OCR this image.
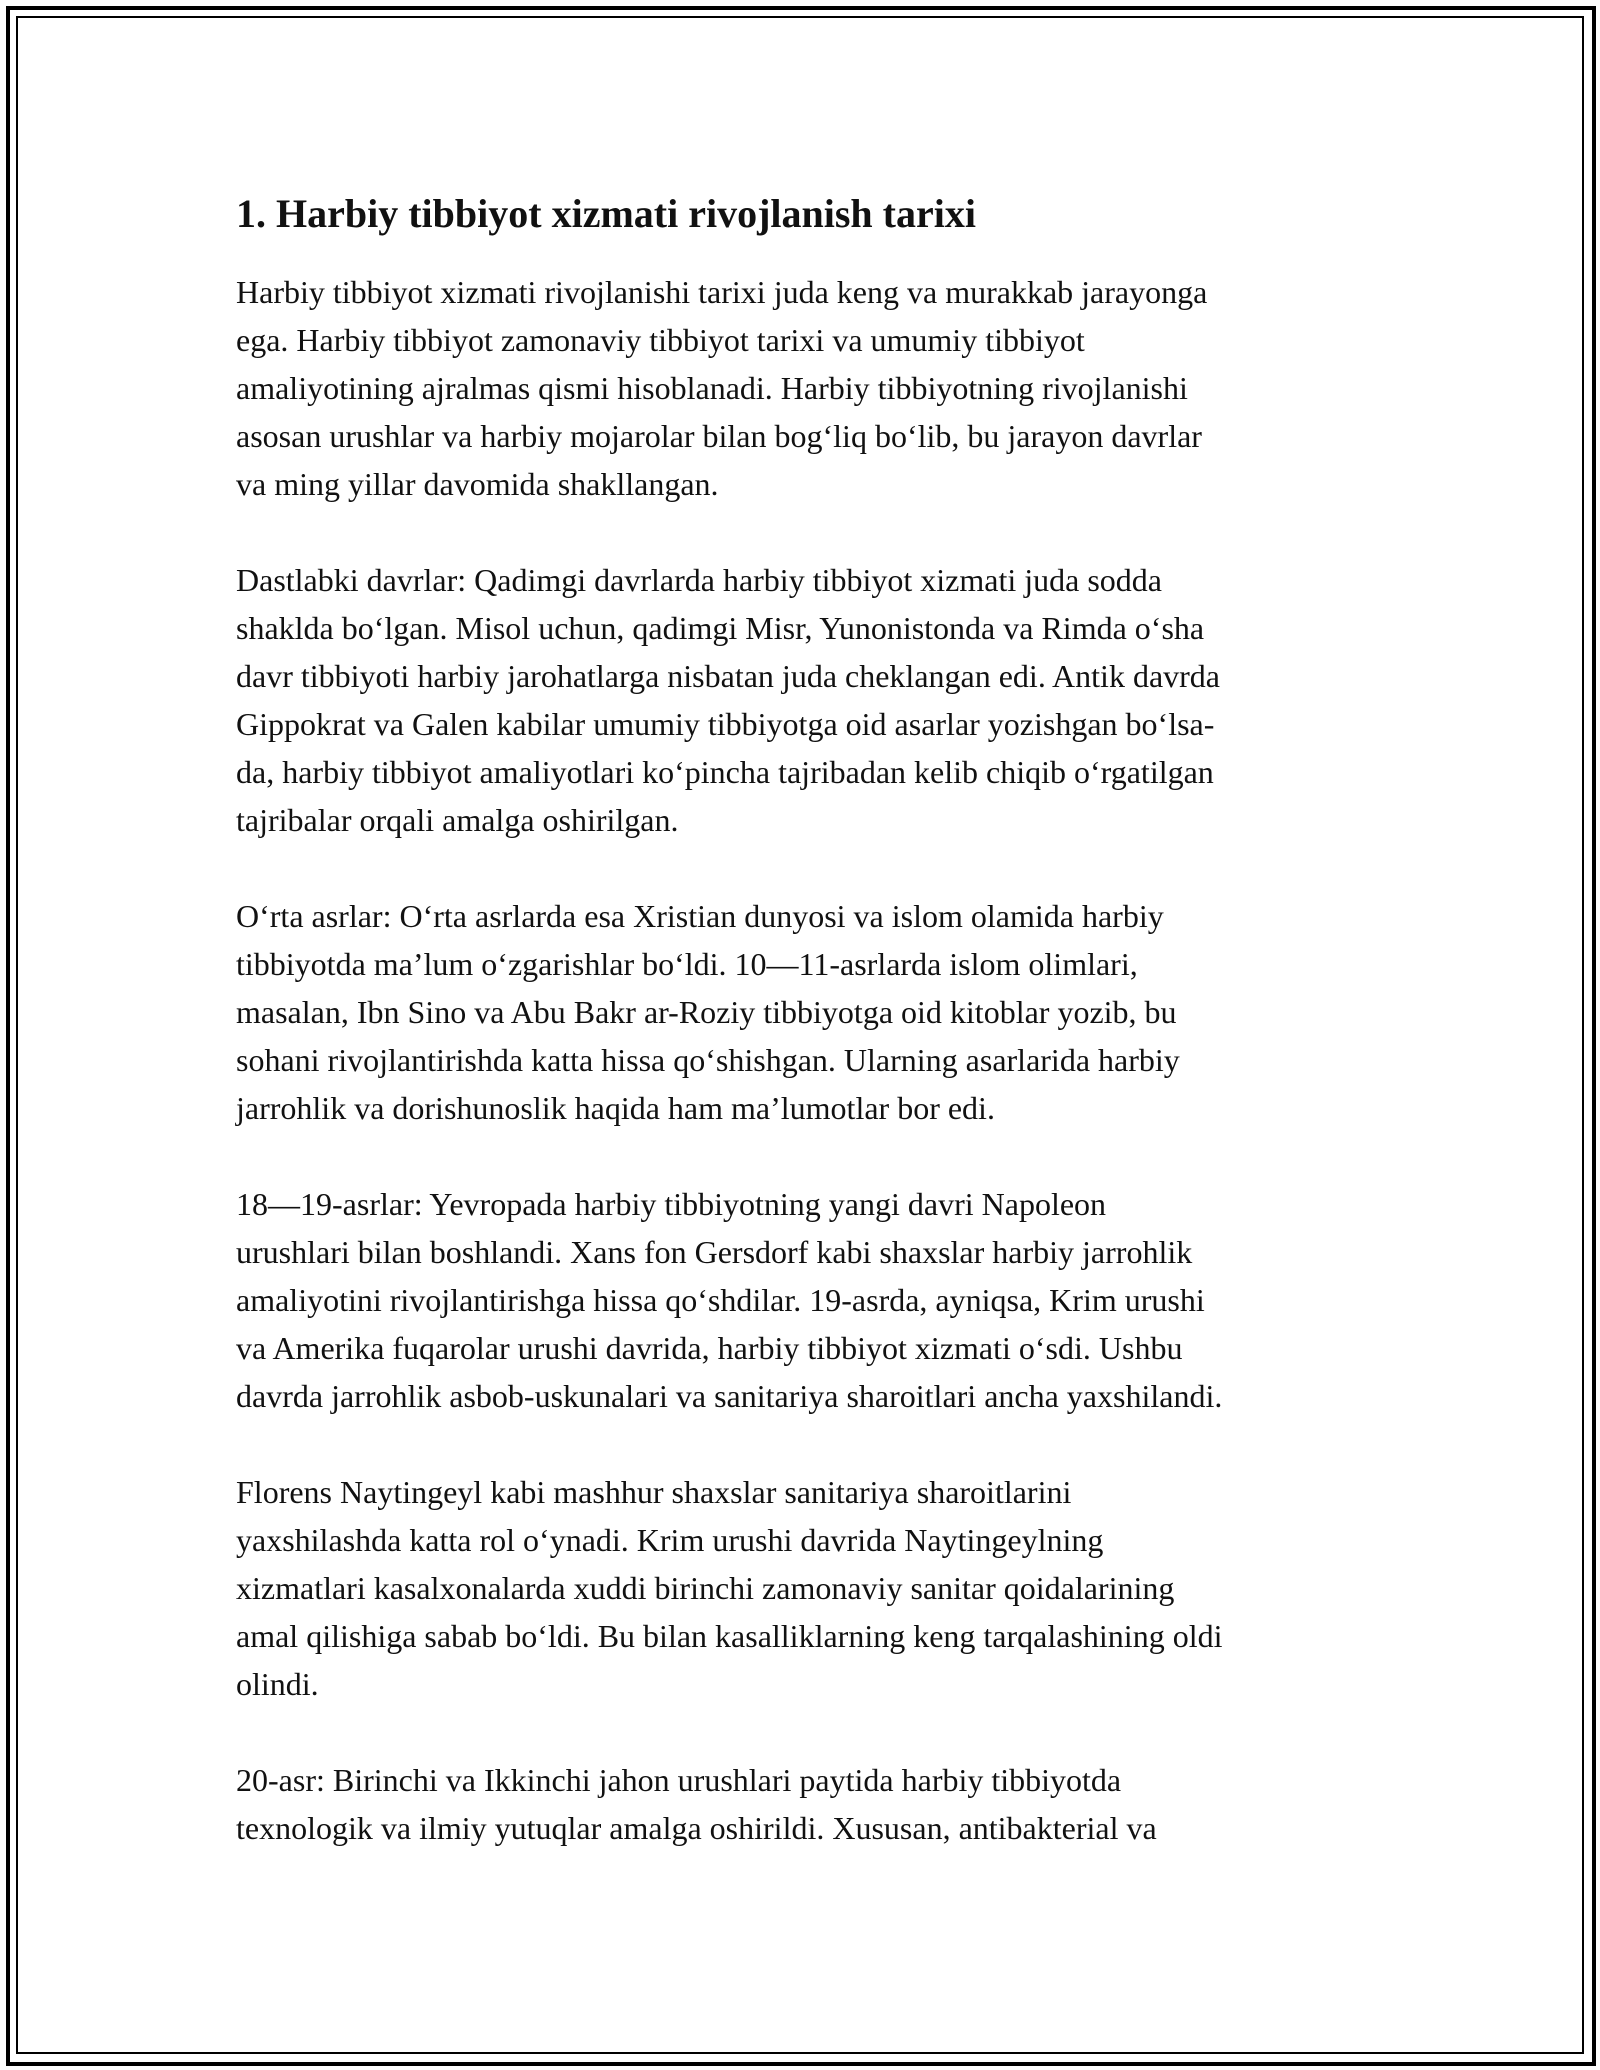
1. Harbiy tibbiyot xizmati rivojlanish tarixi
Harbiy tibbiyot xizmati rivojlanishi tarixi juda keng va murakkab jarayonga
ega. Harbiy tibbiyot zamonaviy tibbiyot tarixi va umumiy tibbiyot
amaliyotining ajralmas qismi hisoblanadi. Harbiy tibbiyotning rivojlanishi
asosan urushlar va harbiy mojarolar bilan bog‘liq bo‘lib, bu jarayon davrlar
va ming yillar davomida shakllangan.
Dastlabki davrlar: Qadimgi davrlarda harbiy tibbiyot xizmati juda sodda
shaklda bo‘lgan. Misol uchun, qadimgi Misr, Yunonistonda va Rimda o‘sha
davr tibbiyoti harbiy jarohatlarga nisbatan juda cheklangan edi. Antik davrda
Gippokrat va Galen kabilar umumiy tibbiyotga oid asarlar yozishgan bo‘lsa-
da, harbiy tibbiyot amaliyotlari ko‘pincha tajribadan kelib chiqib o‘rgatilgan
tajribalar orqali amalga oshirilgan.
O‘rta asrlar: O‘rta asrlarda esa Xristian dunyosi va islom olamida harbiy
tibbiyotda ma’lum o‘zgarishlar bo‘ldi. 10—11-asrlarda islom olimlari,
masalan, Ibn Sino va Abu Bakr ar-Roziy tibbiyotga oid kitoblar yozib, bu
sohani rivojlantirishda katta hissa qo‘shishgan. Ularning asarlarida harbiy
jarrohlik va dorishunoslik haqida ham ma’lumotlar bor edi.
18—19-asrlar: Yevropada harbiy tibbiyotning yangi davri Napoleon
urushlari bilan boshlandi. Xans fon Gersdorf kabi shaxslar harbiy jarrohlik
amaliyotini rivojlantirishga hissa qo‘shdilar. 19-asrda, ayniqsa, Krim urushi
va Amerika fuqarolar urushi davrida, harbiy tibbiyot xizmati o‘sdi. Ushbu
davrda jarrohlik asbob-uskunalari va sanitariya sharoitlari ancha yaxshilandi.
Florens Naytingeyl kabi mashhur shaxslar sanitariya sharoitlarini
yaxshilashda katta rol o‘ynadi. Krim urushi davrida Naytingeylning
xizmatlari kasalxonalarda xuddi birinchi zamonaviy sanitar qoidalarining
amal qilishiga sabab bo‘ldi. Bu bilan kasalliklarning keng tarqalashining oldi
olindi.
20-asr: Birinchi va Ikkinchi jahon urushlari paytida harbiy tibbiyotda
texnologik va ilmiy yutuqlar amalga oshirildi. Xususan, antibakterial va
